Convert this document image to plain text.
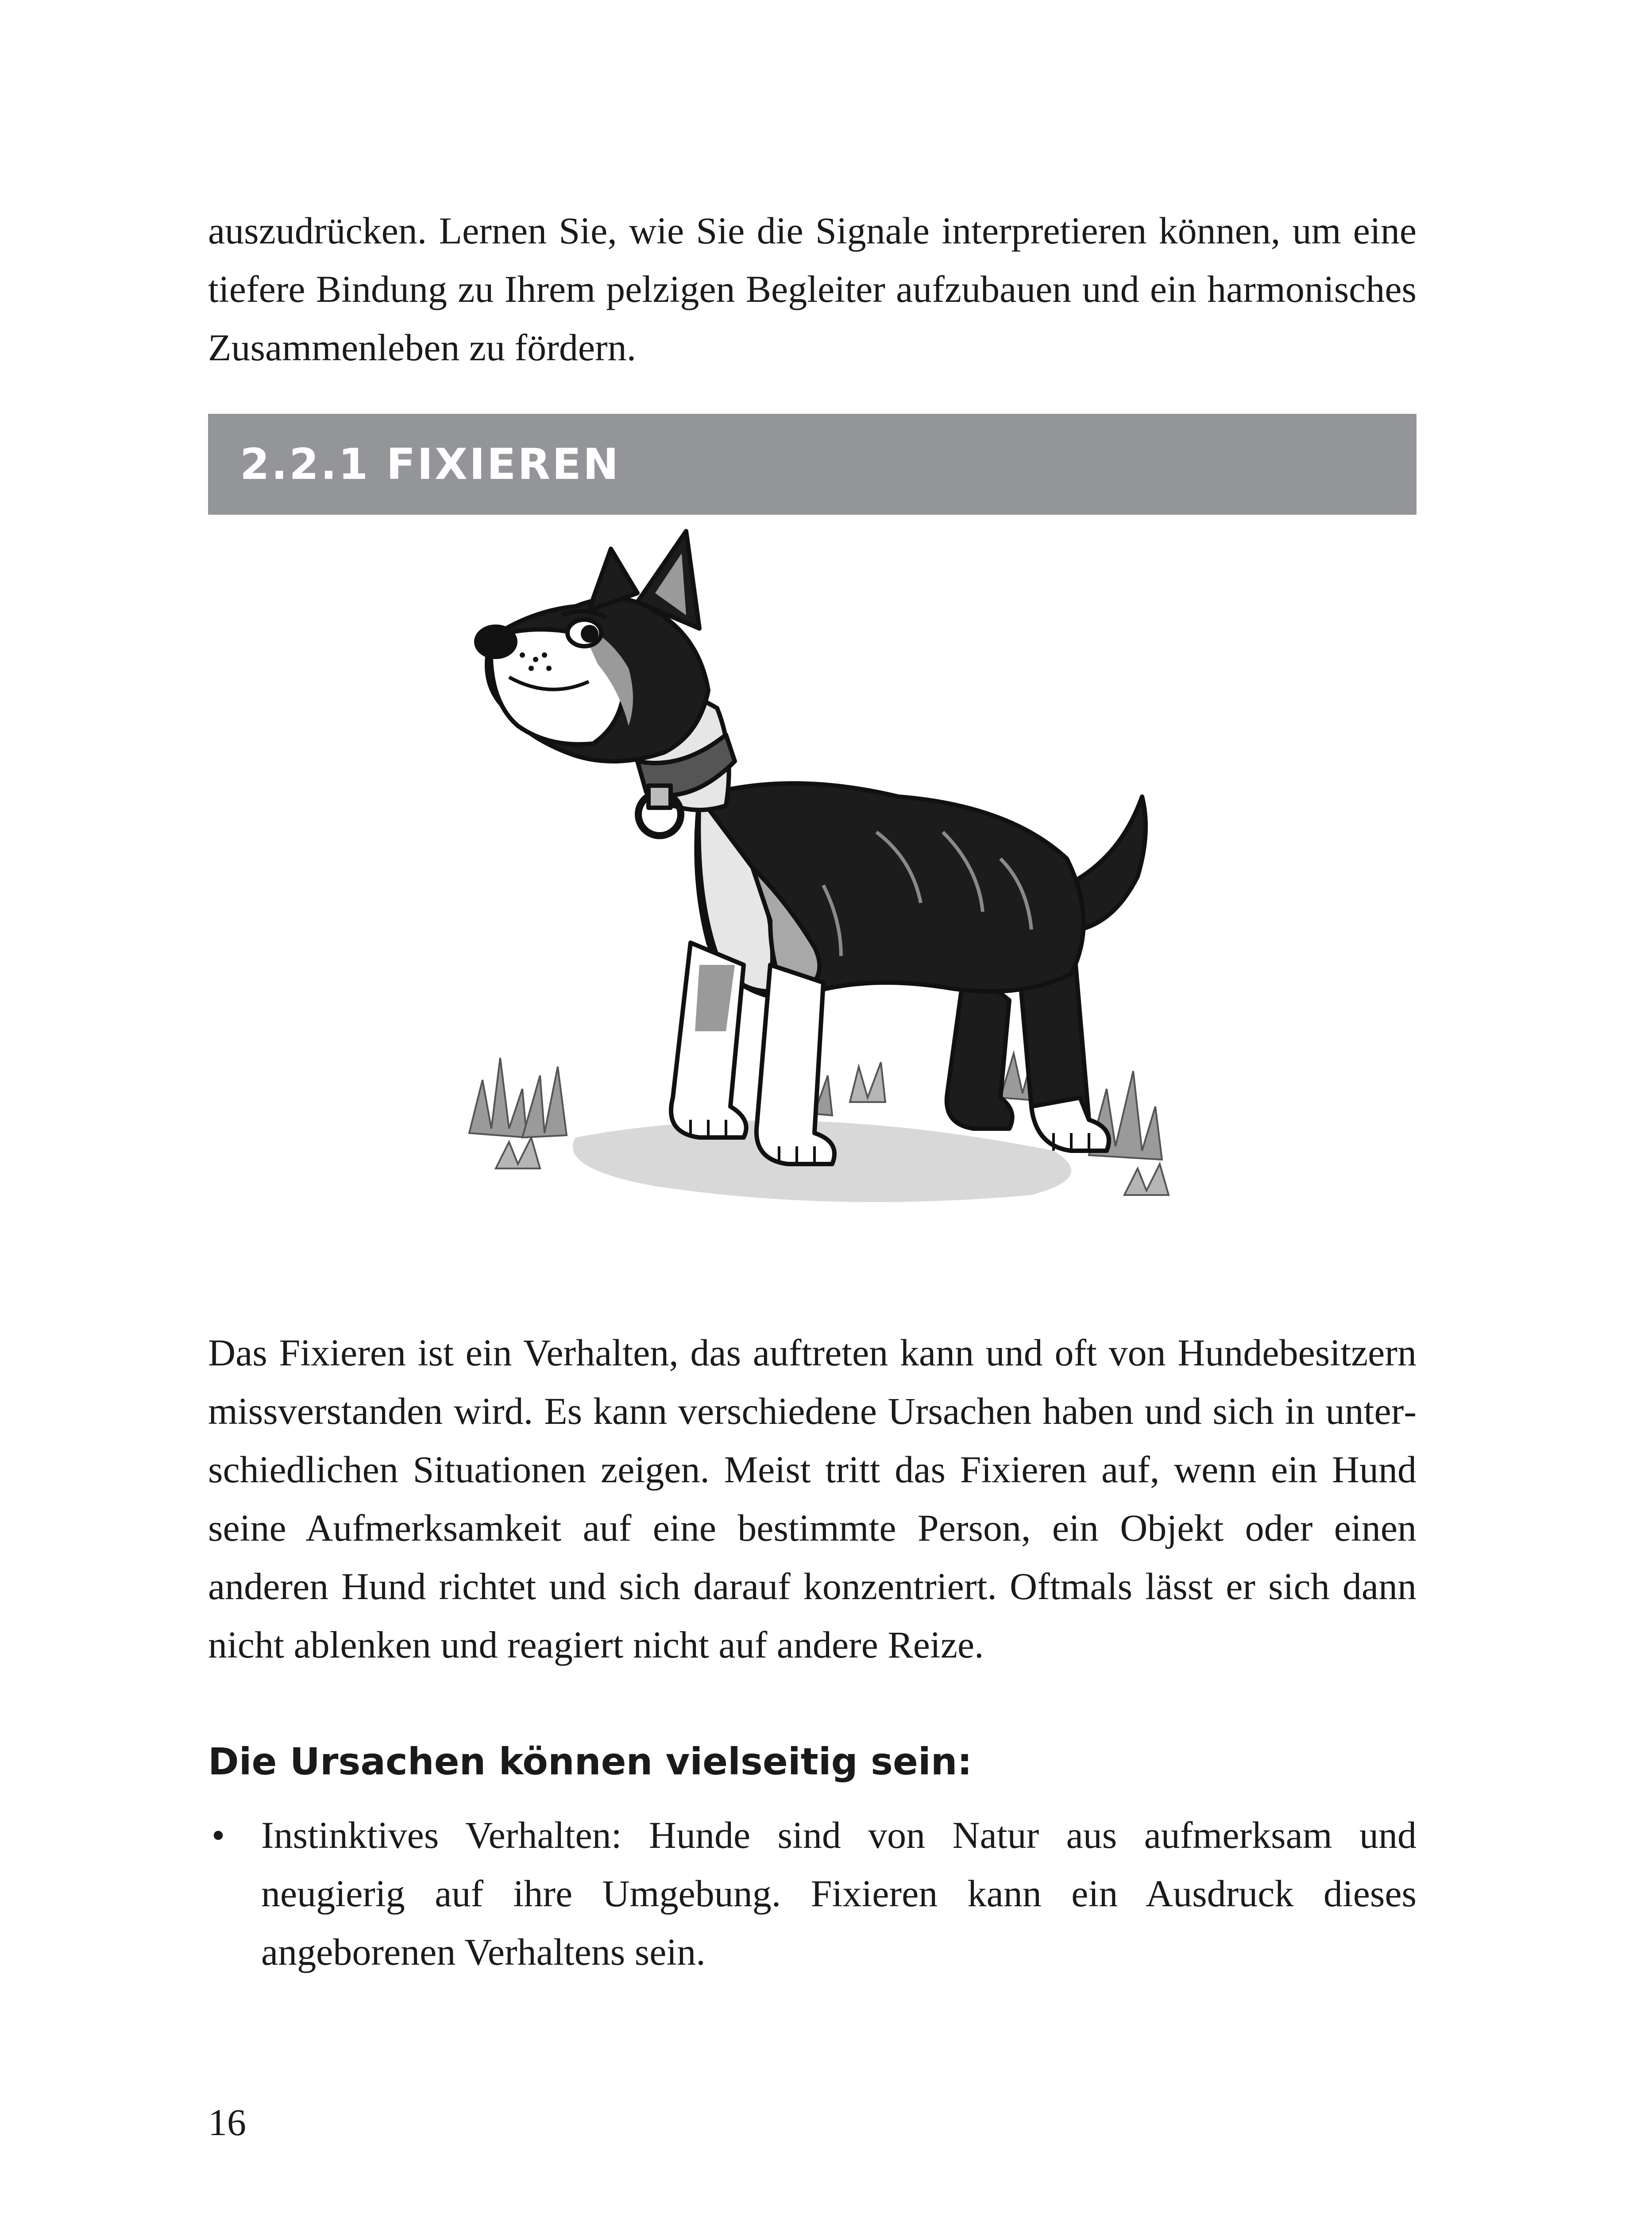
auszudrücken. Lernen Sie, wie Sie die Signale interpretieren können, um eine tiefere Bindung zu Ihrem pelzigen Begleiter aufzubauen und ein harmonisches Zusammenleben zu fördern.

2.2.1 FIXIEREN

Das Fixieren ist ein Verhalten, das auftreten kann und oft von Hundebesitzern missverstanden wird. Es kann verschiedene Ursachen haben und sich in unterschiedlichen Situationen zeigen. Meist tritt das Fixieren auf, wenn ein Hund seine Aufmerksamkeit auf eine bestimmte Person, ein Objekt oder einen anderen Hund richtet und sich darauf konzentriert. Oftmals lässt er sich dann nicht ablenken und reagiert nicht auf andere Reize.

Die Ursachen können vielseitig sein:
• Instinktives Verhalten: Hunde sind von Natur aus aufmerksam und neugierig auf ihre Umgebung. Fixieren kann ein Ausdruck dieses angeborenen Verhaltens sein.
16
